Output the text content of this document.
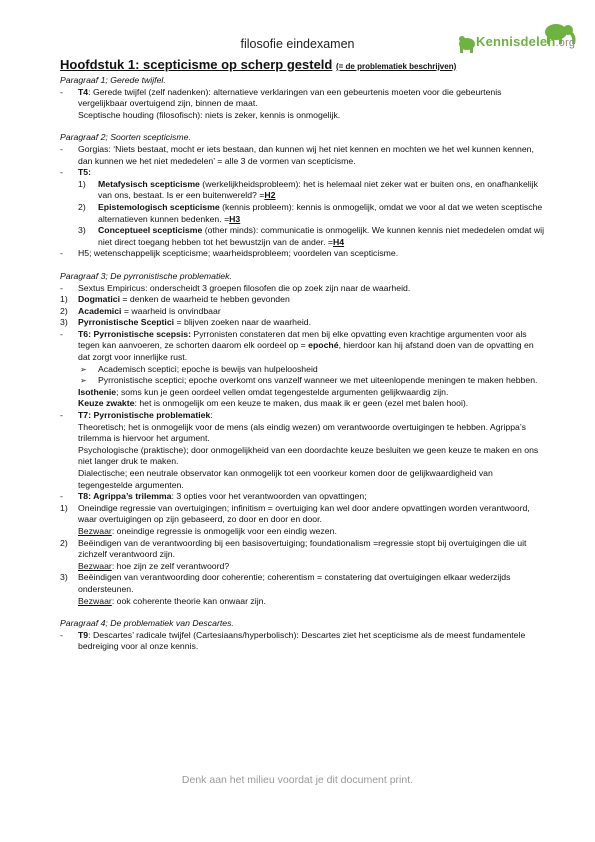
filosofie eindexamen	Kennisdelen.org
Hoofdstuk 1: scepticisme op scherp gesteld (= de problematiek beschrijven)
Paragraaf 1; Gerede twijfel.
- T4: Gerede twijfel (zelf nadenken): alternatieve verklaringen van een gebeurtenis moeten voor die gebeurtenis vergelijkbaar overtuigend zijn, binnen de maat.
Sceptische houding (filosofisch): niets is zeker, kennis is onmogelijk.
Paragraaf 2; Soorten scepticisme.
- Gorgias: ‘Niets bestaat, mocht er iets bestaan, dan kunnen wij het niet kennen en mochten we het wel kunnen kennen, dan kunnen we het niet mededelen’ = alle 3 de vormen van scepticisme.
- T5:
1) Metafysisch scepticisme (werkelijkheidsprobleem): het is helemaal niet zeker wat er buiten ons, en onafhankelijk van ons, bestaat. Is er een buitenwereld? =H2
2) Epistemologisch scepticisme (kennis probleem): kennis is onmogelijk, omdat we voor al dat we weten sceptische alternatieven kunnen bedenken. =H3
3) Conceptueel scepticisme (other minds): communicatie is onmogelijk. We kunnen kennis niet mededelen omdat wij niet direct toegang hebben tot het bewustzijn van de ander. =H4
- H5; wetenschappelijk scepticisme; waarheidsprobleem; voordelen van scepticisme.
Paragraaf 3; De pyrronistische problematiek.
- Sextus Empiricus: onderscheidt 3 groepen filosofen die op zoek zijn naar de waarheid.
1) Dogmatici = denken de waarheid te hebben gevonden
2) Academici = waarheid is onvindbaar
3) Pyrronistische Sceptici = blijven zoeken naar de waarheid.
- T6: Pyrronistische scepsis: Pyrronisten constateren dat men bij elke opvatting even krachtige argumenten voor als tegen kan aanvoeren, ze schorten daarom elk oordeel op = epoché, hierdoor kan hij afstand doen van de opvatting en dat zorgt voor innerlijke rust.
➢ Academisch sceptici; epoche is bewijs van hulpeloosheid
➢ Pyrronistische sceptici; epoche overkomt ons vanzelf wanneer we met uiteenlopende meningen te maken hebben.
Isothenie; soms kun je geen oordeel vellen omdat tegengestelde argumenten gelijkwaardig zijn.
Keuze zwakte: het is onmogelijk om een keuze te maken, dus maak ik er geen (ezel met balen hooi).
- T7: Pyrronistische problematiek:
Theoretisch; het is onmogelijk voor de mens (als eindig wezen) om verantwoorde overtuigingen te hebben. Agrippa’s trilemma is hiervoor het argument.
Psychologische (praktische); door onmogelijkheid van een doordachte keuze besluiten we geen keuze te maken en ons niet langer druk te maken.
Dialectische; een neutrale observator kan onmogelijk tot een voorkeur komen door de gelijkwaardigheid van tegengestelde argumenten.
- T8: Agrippa’s trilemma: 3 opties voor het verantwoorden van opvattingen;
1) Oneindige regressie van overtuigingen; infinitism = overtuiging kan wel door andere opvattingen worden verantwoord, waar overtuigingen op zijn gebaseerd, zo door en door en door.
Bezwaar: oneindige regressie is onmogelijk voor een eindig wezen.
2) Beëindigen van de verantwoording bij een basisovertuiging; foundationalism =regressie stopt bij overtuigingen die uit zichzelf verantwoord zijn.
Bezwaar: hoe zijn ze zelf verantwoord?
3) Beëindigen van verantwoording door coherentie; coherentism = constatering dat overtuigingen elkaar wederzijds ondersteunen.
Bezwaar: ook coherente theorie kan onwaar zijn.
Paragraaf 4; De problematiek van Descartes.
- T9: Descartes’ radicale twijfel (Cartesiaans/hyperbolisch): Descartes ziet het scepticisme als de meest fundamentele bedreiging voor al onze kennis.
Denk aan het milieu voordat je dit document print.
